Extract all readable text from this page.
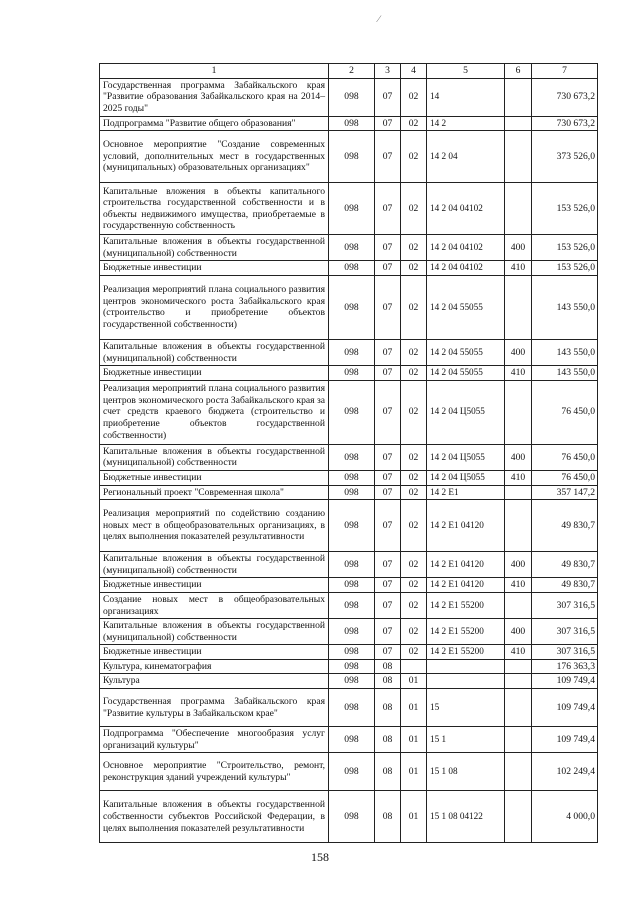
∕
1	2	3	4	5	6	7
Государственная программа Забайкальского края "Развитие образования Забайкальского края на 2014–2025 годы"	098	07	02	14		730 673,2
Подпрограмма "Развитие общего образования"	098	07	02	14 2		730 673,2
Основное мероприятие "Создание современных условий, дополнительных мест в государственных (муниципальных) образовательных организациях"	098	07	02	14 2 04		373 526,0
Капитальные вложения в объекты капитального строительства государственной собственности и в объекты недвижимого имущества, приобретаемые в государственную собственность	098	07	02	14 2 04 04102		153 526,0
Капитальные вложения в объекты государственной (муниципальной) собственности	098	07	02	14 2 04 04102	400	153 526,0
Бюджетные инвестиции	098	07	02	14 2 04 04102	410	153 526,0
Реализация мероприятий плана социального развития центров экономического роста Забайкальского края (строительство и приобретение объектов государственной собственности)	098	07	02	14 2 04 55055		143 550,0
Капитальные вложения в объекты государственной (муниципальной) собственности	098	07	02	14 2 04 55055	400	143 550,0
Бюджетные инвестиции	098	07	02	14 2 04 55055	410	143 550,0
Реализация мероприятий плана социального развития центров экономического роста Забайкальского края за счет средств краевого бюджета (строительство и приобретение объектов государственной собственности)	098	07	02	14 2 04 Ц5055		76 450,0
Капитальные вложения в объекты государственной (муниципальной) собственности	098	07	02	14 2 04 Ц5055	400	76 450,0
Бюджетные инвестиции	098	07	02	14 2 04 Ц5055	410	76 450,0
Региональный проект "Современная школа"	098	07	02	14 2 E1		357 147,2
Реализация мероприятий по содействию созданию новых мест в общеобразовательных организациях, в целях выполнения показателей результативности	098	07	02	14 2 E1 04120		49 830,7
Капитальные вложения в объекты государственной (муниципальной) собственности	098	07	02	14 2 E1 04120	400	49 830,7
Бюджетные инвестиции	098	07	02	14 2 E1 04120	410	49 830,7
Создание новых мест в общеобразовательных организациях	098	07	02	14 2 E1 55200		307 316,5
Капитальные вложения в объекты государственной (муниципальной) собственности	098	07	02	14 2 E1 55200	400	307 316,5
Бюджетные инвестиции	098	07	02	14 2 E1 55200	410	307 316,5
Культура, кинематография	098	08				176 363,3
Культура	098	08	01			109 749,4
Государственная программа Забайкальского края "Развитие культуры в Забайкальском крае"	098	08	01	15		109 749,4
Подпрограмма "Обеспечение многообразия услуг организаций культуры"	098	08	01	15 1		109 749,4
Основное мероприятие "Строительство, ремонт, реконструкция зданий учреждений культуры"	098	08	01	15 1 08		102 249,4
Капитальные вложения в объекты государственной собственности субъектов Российской Федерации, в целях выполнения показателей результативности	098	08	01	15 1 08 04122		4 000,0
158
